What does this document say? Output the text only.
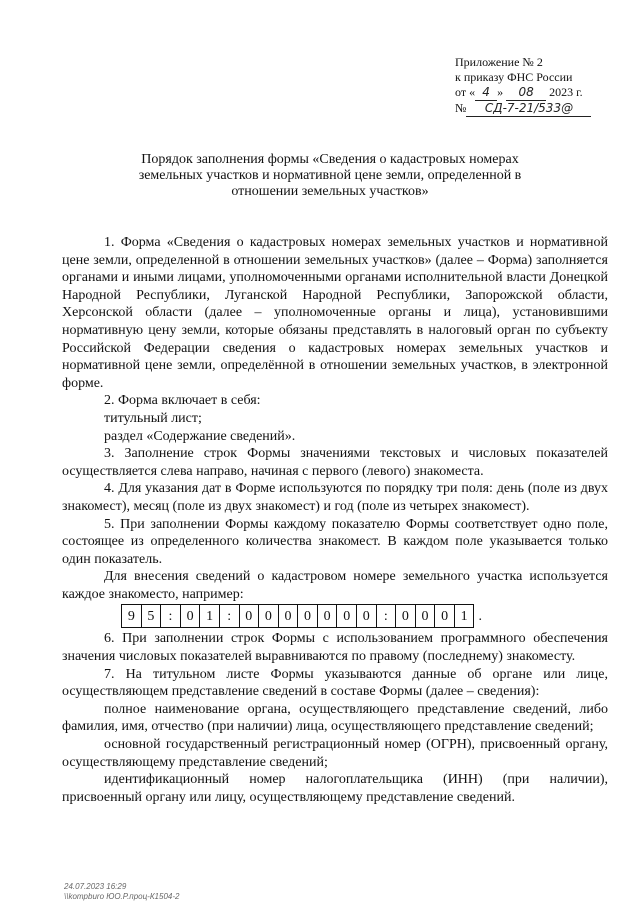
Приложение № 2
к приказу ФНС России
от « 4 » 08 2023 г.
№ СД-7-21/533@
Порядок заполнения формы «Сведения о кадастровых номерах земельных участков и нормативной цене земли, определенной в отношении земельных участков»

1. Форма «Сведения о кадастровых номерах земельных участков и нормативной цене земли, определенной в отношении земельных участков» (далее – Форма) заполняется органами и иными лицами, уполномоченными органами исполнительной власти Донецкой Народной Республики, Луганской Народной Республики, Запорожской области, Херсонской области (далее – уполномоченные органы и лица), установившими нормативную цену земли, которые обязаны представлять в налоговый орган по субъекту Российской Федерации сведения о кадастровых номерах земельных участков и нормативной цене земли, определённой в отношении земельных участков, в электронной форме.

2. Форма включает в себя:

титульный лист;

раздел «Содержание сведений».

3. Заполнение строк Формы значениями текстовых и числовых показателей осуществляется слева направо, начиная с первого (левого) знакоместа.

4. Для указания дат в Форме используются по порядку три поля: день (поле из двух знакомест), месяц (поле из двух знакомест) и год (поле из четырех знакомест).

5. При заполнении Формы каждому показателю Формы соответствует одно поле, состоящее из определенного количества знакомест. В каждом поле указывается только один показатель.

Для внесения сведений о кадастровом номере земельного участка используется каждое знакоместо, например:

9 5	:	0 1	:	0 0 0 0 0 0 0	:	0 0 0 1 .

6. При заполнении строк Формы с использованием программного обеспечения значения числовых показателей выравниваются по правому (последнему) знакоместу.

7. На титульном листе Формы указываются данные об органе или лице, осуществляющем представление сведений в составе Формы (далее – сведения):

полное наименование органа, осуществляющего представление сведений, либо фамилия, имя, отчество (при наличии) лица, осуществляющего представление сведений;

основной государственный регистрационный номер (ОГРН), присвоенный органу, осуществляющему представление сведений;

идентификационный номер налогоплательщика (ИНН) (при наличии), присвоенный органу или лицу, осуществляющему представление сведений.

24.07.2023 16:29
\\kompburo ЮО.P.проц-К1504-2
